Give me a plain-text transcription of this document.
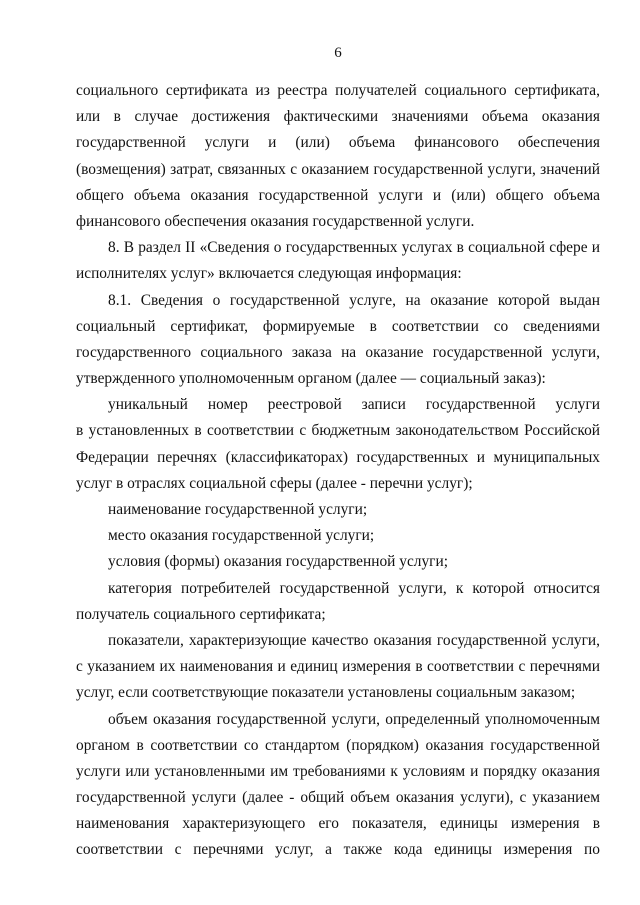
6
социального сертификата из реестра получателей социального сертификата,
или в случае достижения фактическими значениями объема оказания
государственной услуги и (или) объема финансового обеспечения
(возмещения) затрат, связанных с оказанием государственной услуги, значений
общего объема оказания государственной услуги и (или) общего объема
финансового обеспечения оказания государственной услуги.
8. В раздел II «Сведения о государственных услугах в социальной сфере и
исполнителях услуг» включается следующая информация:
8.1. Сведения о государственной услуге, на оказание которой выдан
социальный сертификат, формируемые в соответствии со сведениями
государственного социального заказа на оказание государственной услуги,
утвержденного уполномоченным органом (далее — социальный заказ):
уникальный номер реестровой записи государственной услуги
в установленных в соответствии с бюджетным законодательством Российской
Федерации перечнях (классификаторах) государственных и муниципальных
услуг в отраслях социальной сферы (далее - перечни услуг);
наименование государственной услуги;
место оказания государственной услуги;
условия (формы) оказания государственной услуги;
категория потребителей государственной услуги, к которой относится
получатель социального сертификата;
показатели, характеризующие качество оказания государственной услуги,
с указанием их наименования и единиц измерения в соответствии с перечнями
услуг, если соответствующие показатели установлены социальным заказом;
объем оказания государственной услуги, определенный уполномоченным
органом в соответствии со стандартом (порядком) оказания государственной
услуги или установленными им требованиями к условиям и порядку оказания
государственной услуги (далее - общий объем оказания услуги), с указанием
наименования характеризующего его показателя, единицы измерения в
соответствии с перечнями услуг, а также кода единицы измерения по
